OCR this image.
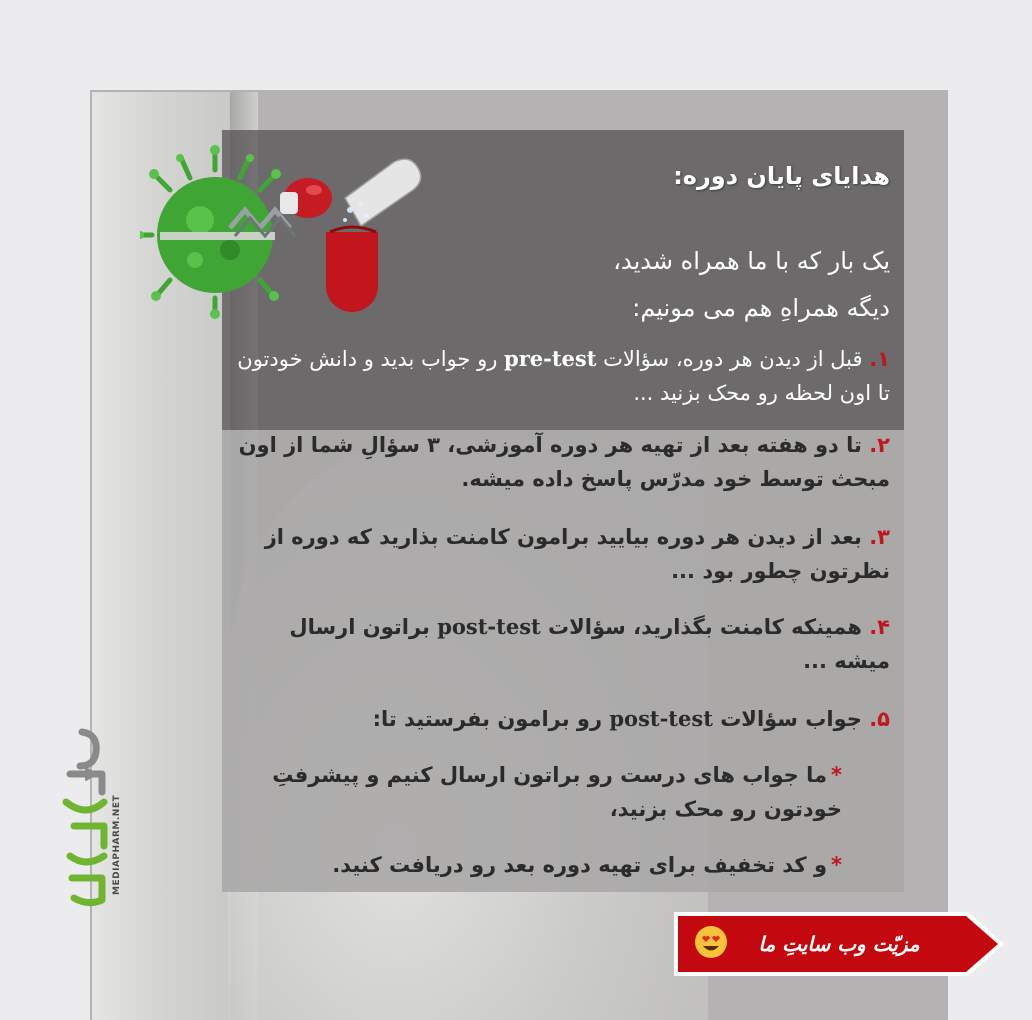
هدایای پایان دوره:
یک بار که با ما همراه شدید،
دیگه همراهِ هم می مونیم:
۱. قبل از دیدن هر دوره، سؤالات pre-test رو جواب بدید و دانش خودتون تا اون لحظه رو محک بزنید ...
۲. تا دو هفته بعد از تهیه هر دوره آموزشی، ۳ سؤالِ شما از اون مبحث توسط خود مدرّس پاسخ داده میشه.
۳. بعد از دیدن هر دوره بیایید برامون کامنت بذارید که دوره از نظرتون چطور بود ...
۴. همینکه کامنت بگذارید، سؤالات post-test براتون ارسال میشه ...
۵. جواب سؤالات post-test رو برامون بفرستید تا:
*ما جواب های درست رو براتون ارسال کنیم و پیشرفتِ خودتون رو محک بزنید،
*و کد تخفیف برای تهیه دوره بعد رو دریافت کنید.
MEDIAPHARM.NET
مزیّت وب سایتِ ما
